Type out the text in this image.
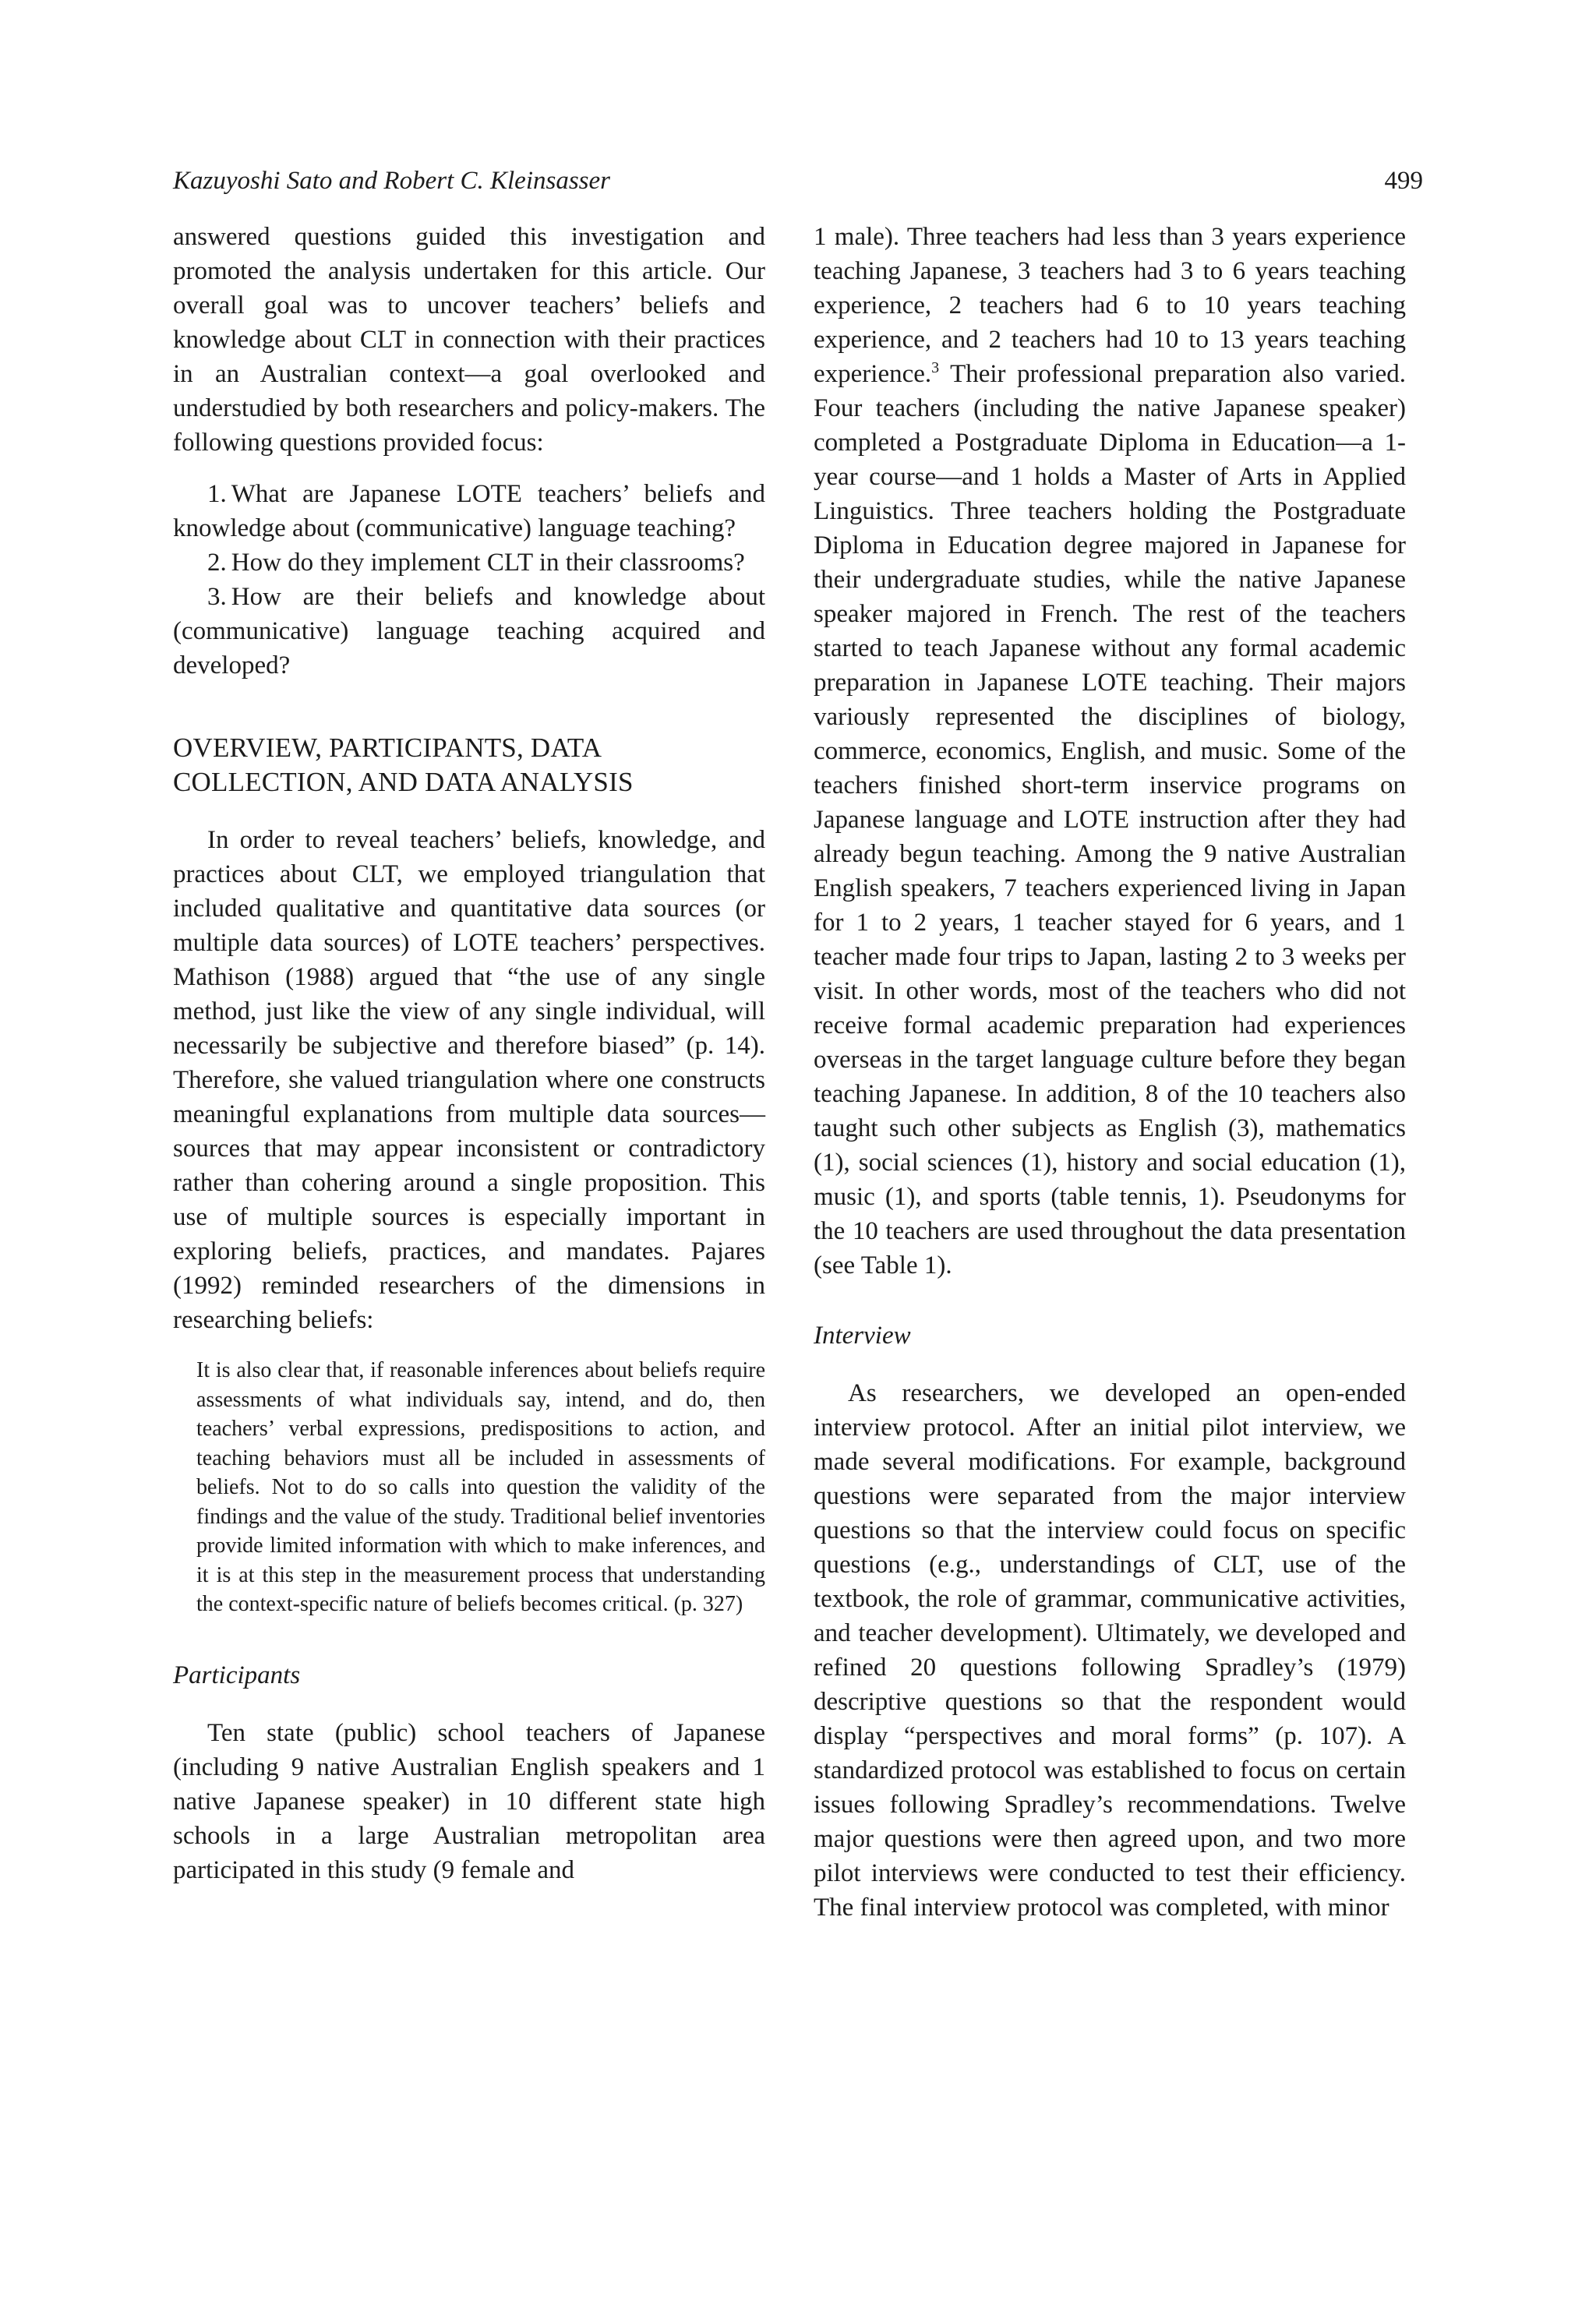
Kazuyoshi Sato and Robert C. Kleinsasser	499

answered questions guided this investigation and promoted the analysis undertaken for this article. Our overall goal was to uncover teachers’ beliefs and knowledge about CLT in connection with their practices in an Australian context—a goal overlooked and understudied by both researchers and policy-makers. The following questions provided focus:

1. What are Japanese LOTE teachers’ beliefs and knowledge about (communicative) language teaching?
2. How do they implement CLT in their classrooms?
3. How are their beliefs and knowledge about (communicative) language teaching acquired and developed?
OVERVIEW, PARTICIPANTS, DATA
COLLECTION, AND DATA ANALYSIS

In order to reveal teachers’ beliefs, knowledge, and practices about CLT, we employed triangulation that included qualitative and quantitative data sources (or multiple data sources) of LOTE teachers’ perspectives. Mathison (1988) argued that “the use of any single method, just like the view of any single individual, will necessarily be subjective and therefore biased” (p. 14). Therefore, she valued triangulation where one constructs meaningful explanations from multiple data sources—sources that may appear inconsistent or contradictory rather than cohering around a single proposition. This use of multiple sources is especially important in exploring beliefs, practices, and mandates. Pajares (1992) reminded researchers of the dimensions in researching beliefs:

It is also clear that, if reasonable inferences about beliefs require assessments of what individuals say, intend, and do, then teachers’ verbal expressions, predispositions to action, and teaching behaviors must all be included in assessments of beliefs. Not to do so calls into question the validity of the findings and the value of the study. Traditional belief inventories provide limited information with which to make inferences, and it is at this step in the measurement process that understanding the context-specific nature of beliefs becomes critical. (p. 327)
Participants

Ten state (public) school teachers of Japanese (including 9 native Australian English speakers and 1 native Japanese speaker) in 10 different state high schools in a large Australian metropolitan area participated in this study (9 female and

1 male). Three teachers had less than 3 years experience teaching Japanese, 3 teachers had 3 to 6 years teaching experience, 2 teachers had 6 to 10 years teaching experience, and 2 teachers had 10 to 13 years teaching experience.$^3$ Their professional preparation also varied. Four teachers (including the native Japanese speaker) completed a Postgraduate Diploma in Education—a 1-year course—and 1 holds a Master of Arts in Applied Linguistics. Three teachers holding the Postgraduate Diploma in Education degree majored in Japanese for their undergraduate studies, while the native Japanese speaker majored in French. The rest of the teachers started to teach Japanese without any formal academic preparation in Japanese LOTE teaching. Their majors variously represented the disciplines of biology, commerce, economics, English, and music. Some of the teachers finished short-term inservice programs on Japanese language and LOTE instruction after they had already begun teaching. Among the 9 native Australian English speakers, 7 teachers experienced living in Japan for 1 to 2 years, 1 teacher stayed for 6 years, and 1 teacher made four trips to Japan, lasting 2 to 3 weeks per visit. In other words, most of the teachers who did not receive formal academic preparation had experiences overseas in the target language culture before they began teaching Japanese. In addition, 8 of the 10 teachers also taught such other subjects as English (3), mathematics (1), social sciences (1), history and social education (1), music (1), and sports (table tennis, 1). Pseudonyms for the 10 teachers are used throughout the data presentation (see Table 1).

Interview

As researchers, we developed an open-ended interview protocol. After an initial pilot interview, we made several modifications. For example, background questions were separated from the major interview questions so that the interview could focus on specific questions (e.g., understandings of CLT, use of the textbook, the role of grammar, communicative activities, and teacher development). Ultimately, we developed and refined 20 questions following Spradley’s (1979) descriptive questions so that the respondent would display “perspectives and moral forms” (p. 107). A standardized protocol was established to focus on certain issues following Spradley’s recommendations. Twelve major questions were then agreed upon, and two more pilot interviews were conducted to test their efficiency. The final interview protocol was completed, with minor
